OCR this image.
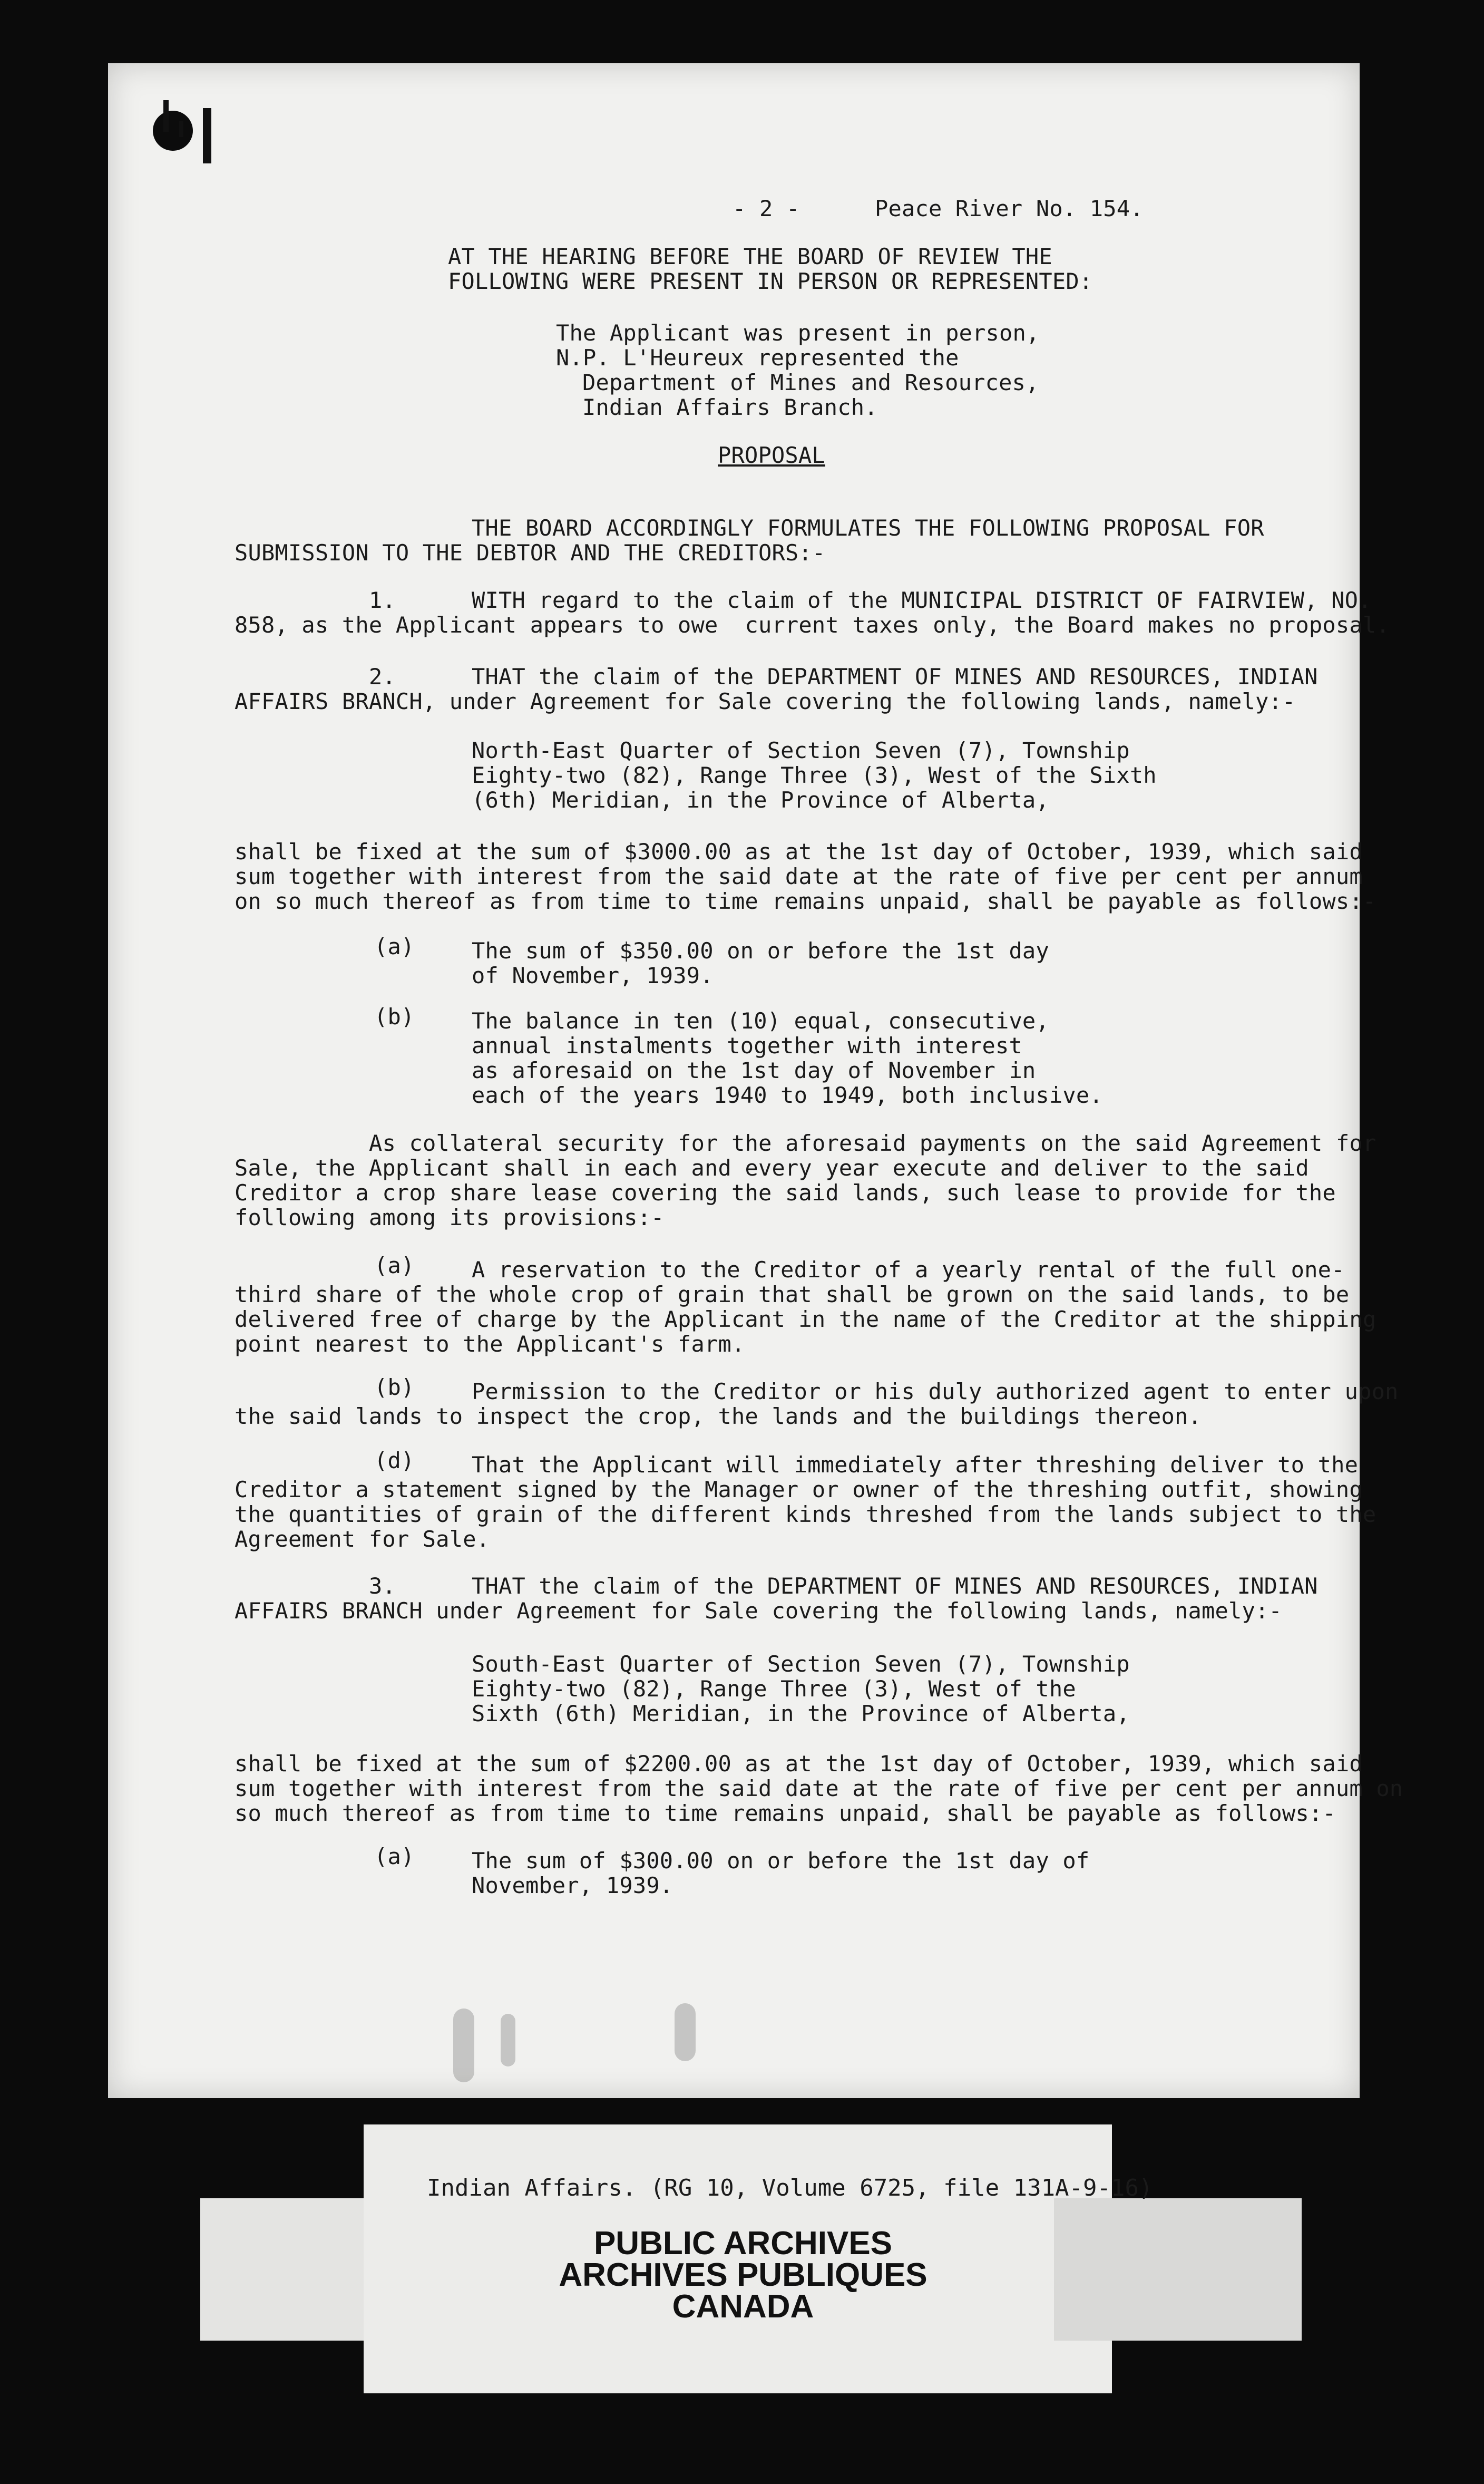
- 2 -	Peace River No. 154.
AT THE HEARING BEFORE THE BOARD OF REVIEW THE
FOLLOWING WERE PRESENT IN PERSON OR REPRESENTED:
The Applicant was present in person,
N.P. L'Heureux represented the
Department of Mines and Resources,
Indian Affairs Branch.
PROPOSAL
THE BOARD ACCORDINGLY FORMULATES THE FOLLOWING PROPOSAL FOR
SUBMISSION TO THE DEBTOR AND THE CREDITORS:-
1.	WITH regard to the claim of the MUNICIPAL DISTRICT OF FAIRVIEW, NO.
858, as the Applicant appears to owe  current taxes only, the Board makes no proposal.
2.	THAT the claim of the DEPARTMENT OF MINES AND RESOURCES, INDIAN
AFFAIRS BRANCH, under Agreement for Sale covering the following lands, namely:-
North-East Quarter of Section Seven (7), Township
Eighty-two (82), Range Three (3), West of the Sixth
(6th) Meridian, in the Province of Alberta,
shall be fixed at the sum of $3000.00 as at the 1st day of October, 1939, which said
sum together with interest from the said date at the rate of five per cent per annum
on so much thereof as from time to time remains unpaid, shall be payable as follows:-
(a)	The sum of $350.00 on or before the 1st day
of November, 1939.
(b)	The balance in ten (10) equal, consecutive,
annual instalments together with interest
as aforesaid on the 1st day of November in
each of the years 1940 to 1949, both inclusive.
As collateral security for the aforesaid payments on the said Agreement for
Sale, the Applicant shall in each and every year execute and deliver to the said
Creditor a crop share lease covering the said lands, such lease to provide for the
following among its provisions:-
(a)	A reservation to the Creditor of a yearly rental of the full one-
third share of the whole crop of grain that shall be grown on the said lands, to be
delivered free of charge by the Applicant in the name of the Creditor at the shipping
point nearest to the Applicant's farm.
(b)	Permission to the Creditor or his duly authorized agent to enter upon
the said lands to inspect the crop, the lands and the buildings thereon.
(d)	That the Applicant will immediately after threshing deliver to the
Creditor a statement signed by the Manager or owner of the threshing outfit, showing
the quantities of grain of the different kinds threshed from the lands subject to the
Agreement for Sale.
3.	THAT the claim of the DEPARTMENT OF MINES AND RESOURCES, INDIAN
AFFAIRS BRANCH under Agreement for Sale covering the following lands, namely:-
South-East Quarter of Section Seven (7), Township
Eighty-two (82), Range Three (3), West of the
Sixth (6th) Meridian, in the Province of Alberta,
shall be fixed at the sum of $2200.00 as at the 1st day of October, 1939, which said
sum together with interest from the said date at the rate of five per cent per annum on
so much thereof as from time to time remains unpaid, shall be payable as follows:-
(a)	The sum of $300.00 on or before the 1st day of
November, 1939.
Indian Affairs. (RG 10, Volume 6725, file 131A-9-16)
PUBLIC ARCHIVES
ARCHIVES PUBLIQUES
CANADA
